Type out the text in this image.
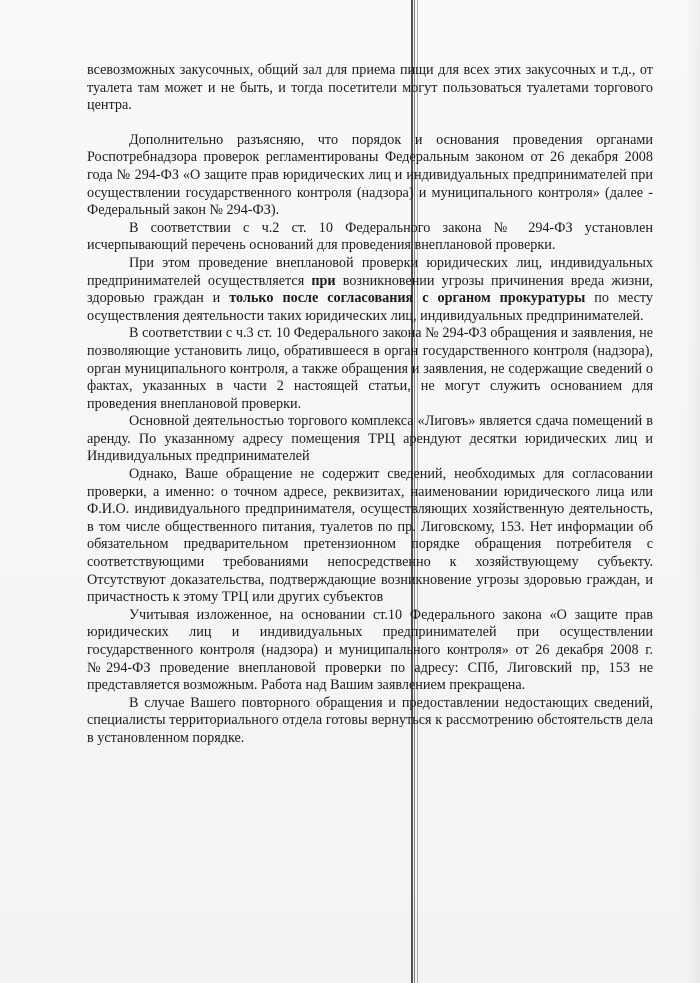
всевозможных закусочных, общий зал для приема пищи для всех этих закусочных и т.д., от туалета там может и не быть, и тогда посетители могут пользоваться туалетами торгового центра.

Дополнительно разъясняю, что порядок и основания проведения органами Роспотребнадзора проверок регламентированы Федеральным законом от 26 декабря 2008 года № 294-ФЗ «О защите прав юридических лиц и индивидуальных предпринимателей при осуществлении государственного контроля (надзора) и муниципального контроля» (далее - Федеральный закон № 294-ФЗ).

В соответствии с ч.2 ст. 10 Федерального закона № 294-ФЗ установлен исчерпывающий перечень оснований для проведения внеплановой проверки.

При этом проведение внеплановой проверки юридических лиц, индивидуальных предпринимателей осуществляется при возникновении угрозы причинения вреда жизни, здоровью граждан и только после согласования с органом прокуратуры по месту осуществления деятельности таких юридических лиц, индивидуальных предпринимателей.

В соответствии с ч.3 ст. 10 Федерального закона № 294-ФЗ обращения и заявления, не позволяющие установить лицо, обратившееся в орган государственного контроля (надзора), орган муниципального контроля, а также обращения и заявления, не содержащие сведений о фактах, указанных в части 2 настоящей статьи, не могут служить основанием для проведения внеплановой проверки.

Основной деятельностью торгового комплекса «Лиговъ» является сдача помещений в аренду. По указанному адресу помещения ТРЦ арендуют десятки юридических лиц и Индивидуальных предпринимателей

Однако, Ваше обращение не содержит сведений, необходимых для согласовании проверки, а именно: о точном адресе, реквизитах, наименовании юридического лица или Ф.И.О. индивидуального предпринимателя, осуществляющих хозяйственную деятельность, в том числе общественного питания, туалетов по пр. Лиговскому, 153. Нет информации об обязательном предварительном претензионном порядке обращения потребителя с соответствующими требованиями непосредственно к хозяйствующему субъекту. Отсутствуют доказательства, подтверждающие возникновение угрозы здоровью граждан, и причастность к этому ТРЦ или других субъектов

Учитывая изложенное, на основании ст.10 Федерального закона «О защите прав юридических лиц и индивидуальных предпринимателей при осуществлении государственного контроля (надзора) и муниципального контроля» от 26 декабря 2008 г. №294-ФЗ проведение внеплановой проверки по адресу: СПб, Лиговский пр, 153 не представляется возможным. Работа над Вашим заявлением прекращена.

В случае Вашего повторного обращения и предоставлении недостающих сведений, специалисты территориального отдела готовы вернуться к рассмотрению обстоятельств дела в установленном порядке.
